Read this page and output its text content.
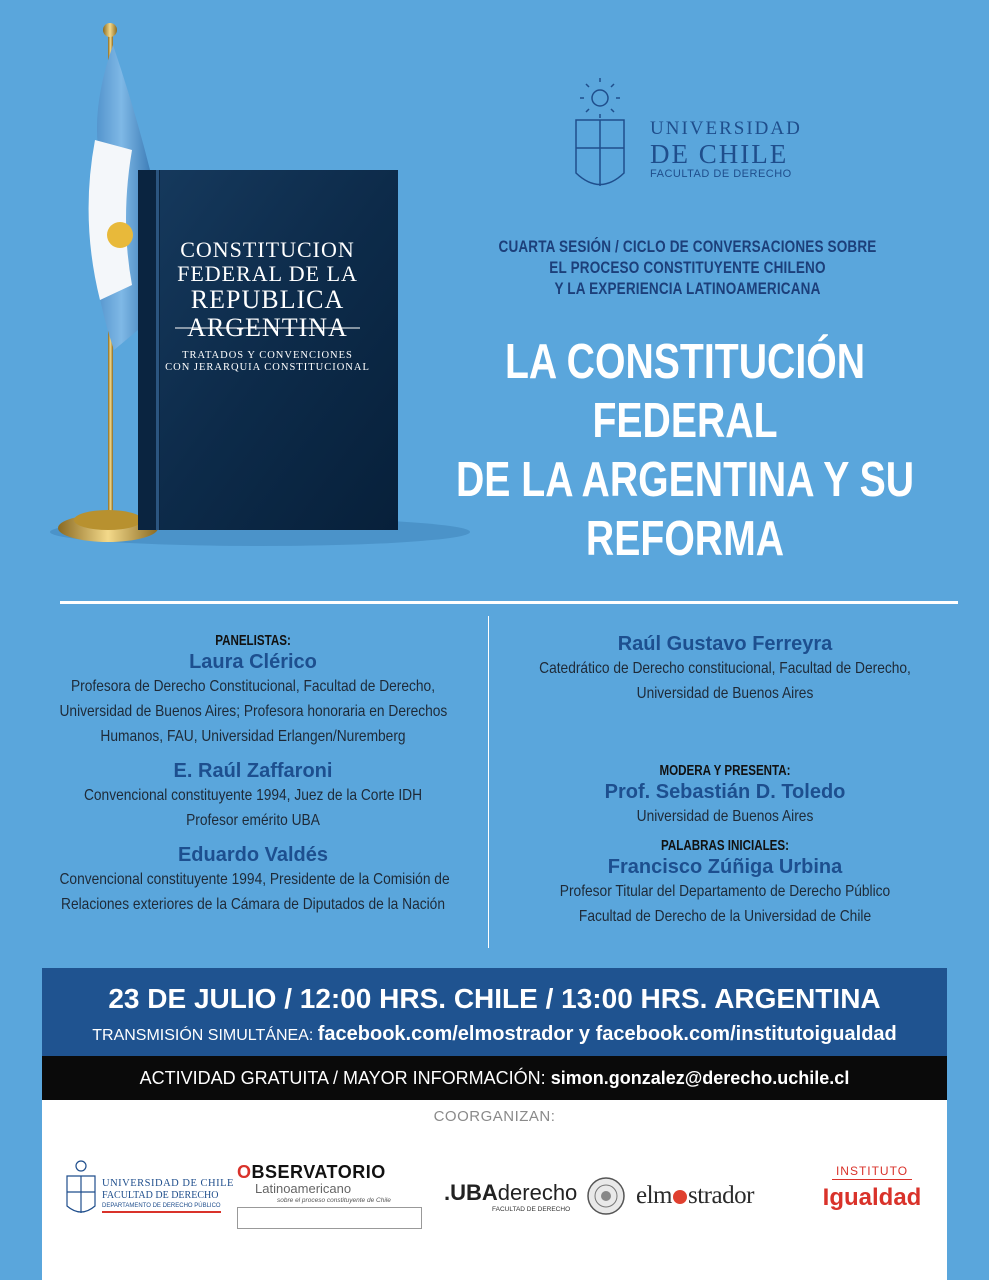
CONSTITUCION
FEDERAL DE LA
REPUBLICA
ARGENTINA
TRATADOS Y CONVENCIONES
CON JERARQUIA CONSTITUCIONAL
UNIVERSIDAD
DE CHILE
FACULTAD DE DERECHO
CUARTA SESIÓN / CICLO DE CONVERSACIONES SOBRE
EL PROCESO CONSTITUYENTE CHILENO
Y LA EXPERIENCIA LATINOAMERICANA
LA CONSTITUCIÓN FEDERAL
DE LA ARGENTINA Y SU
REFORMA
PANELISTAS:
Laura Clérico
Profesora de Derecho Constitucional, Facultad de Derecho,
Universidad de Buenos Aires; Profesora honoraria en Derechos
Humanos, FAU, Universidad Erlangen/Nuremberg
E. Raúl Zaffaroni
Convencional constituyente 1994, Juez de la Corte IDH
Profesor emérito UBA
Eduardo Valdés
Convencional constituyente 1994, Presidente de la Comisión de
Relaciones exteriores de la Cámara de Diputados de la Nación
Raúl Gustavo Ferreyra
Catedrático de Derecho constitucional, Facultad de Derecho,
Universidad de Buenos Aires
MODERA Y PRESENTA:
Prof. Sebastián D. Toledo
Universidad de Buenos Aires
PALABRAS INICIALES:
Francisco Zúñiga Urbina
Profesor Titular del Departamento de Derecho Público
Facultad de Derecho de la Universidad de Chile
23 DE JULIO / 12:00 HRS. CHILE / 13:00 HRS. ARGENTINA
TRANSMISIÓN SIMULTÁNEA: facebook.com/elmostrador y facebook.com/institutoigualdad
ACTIVIDAD GRATUITA / MAYOR INFORMACIÓN: simon.gonzalez@derecho.uchile.cl
COORGANIZAN:
UNIVERSIDAD DE CHILE
FACULTAD DE DERECHO
DEPARTAMENTO DE DERECHO PÚBLICO
OBSERVATORIO
Latinoamericano
sobre el proceso constituyente de Chile	.UBAderecho
FACULTAD DE DERECHO
elm strador
INSTITUTO
Igualdad
